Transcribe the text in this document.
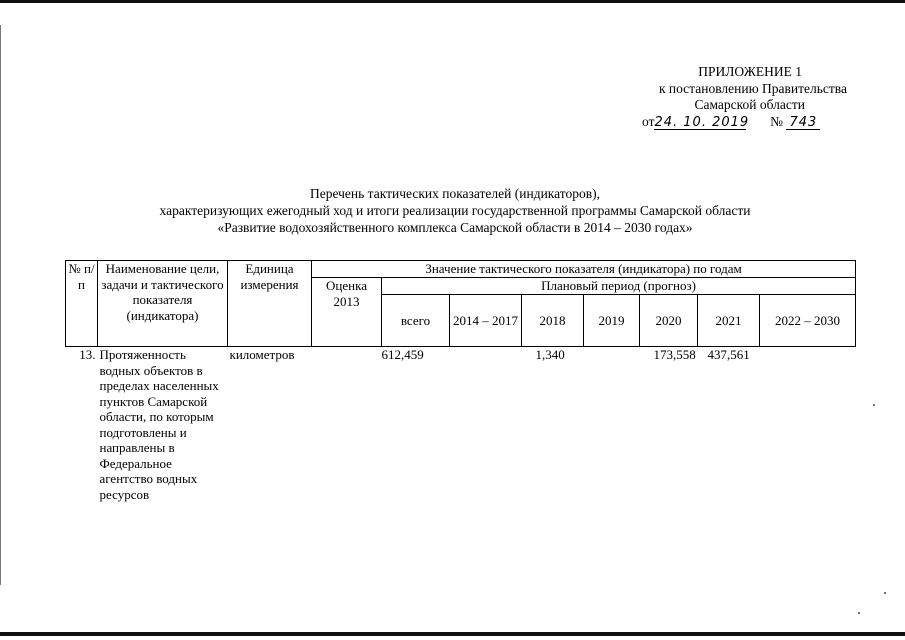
ПРИЛОЖЕНИЕ 1
к постановлению Правительства
Самарской области
от24. 10. 2019 № 743
Перечень тактических показателей (индикаторов),
характеризующих ежегодный ход и итоги реализации государственной программы Самарской области
«Развитие водохозяйственного комплекса Самарской области в 2014 – 2030 годах»
№ п/п	Наименование цели, задачи и тактического показателя (индикатора)	Единица измерения	Значение тактического показателя (индикатора) по годам							
			Оценка 2013	Плановый период (прогноз)						
				всего	2014 – 2017	2018	2019	2020	2021	2022 – 2030
13.	Протяженность водных объектов в пределах населенных пунктов Самарской области, по которым подготовлены и направлены в Федеральное агентство водных ресурсов	километров		612,459		1,340		173,558	437,561	
